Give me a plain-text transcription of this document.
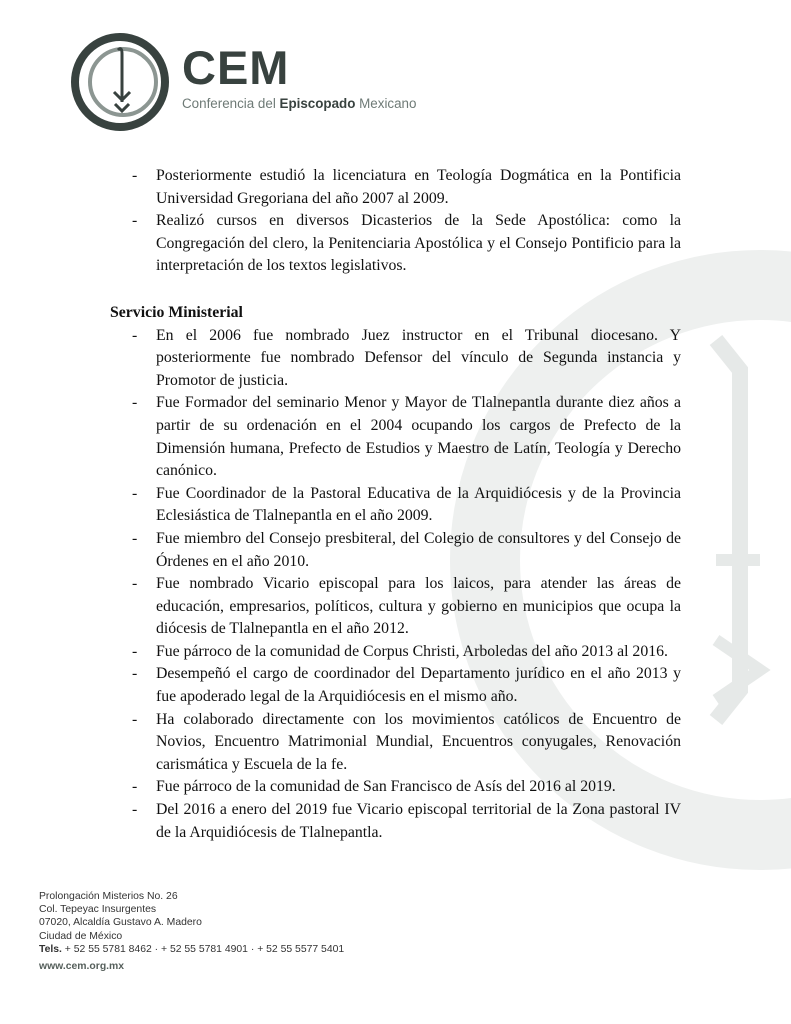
CEM
Conferencia del Episcopado Mexicano
- Posteriormente estudió la licenciatura en Teología Dogmática en la Pontificia Universidad Gregoriana del año 2007 al 2009.
- Realizó cursos en diversos Dicasterios de la Sede Apostólica: como la Congregación del clero, la Penitenciaria Apostólica y el Consejo Pontificio para la interpretación de los textos legislativos.
Servicio Ministerial
- En el 2006 fue nombrado Juez instructor en el Tribunal diocesano. Y posteriormente fue nombrado Defensor del vínculo de Segunda instancia y Promotor de justicia.
- Fue Formador del seminario Menor y Mayor de Tlalnepantla durante diez años a partir de su ordenación en el 2004 ocupando los cargos de Prefecto de la Dimensión humana, Prefecto de Estudios y Maestro de Latín, Teología y Derecho canónico.
- Fue Coordinador de la Pastoral Educativa de la Arquidiócesis y de la Provincia Eclesiástica de Tlalnepantla en el año 2009.
- Fue miembro del Consejo presbiteral, del Colegio de consultores y del Consejo de Órdenes en el año 2010.
- Fue nombrado Vicario episcopal para los laicos, para atender las áreas de educación, empresarios, políticos, cultura y gobierno en municipios que ocupa la diócesis de Tlalnepantla en el año 2012.
- Fue párroco de la comunidad de Corpus Christi, Arboledas del año 2013 al 2016.
- Desempeñó el cargo de coordinador del Departamento jurídico en el año 2013 y fue apoderado legal de la Arquidiócesis en el mismo año.
- Ha colaborado directamente con los movimientos católicos de Encuentro de Novios, Encuentro Matrimonial Mundial, Encuentros conyugales, Renovación carismática y Escuela de la fe.
- Fue párroco de la comunidad de San Francisco de Asís del 2016 al 2019.
- Del 2016 a enero del 2019 fue Vicario episcopal territorial de la Zona pastoral IV de la Arquidiócesis de Tlalnepantla.
Prolongación Misterios No. 26
Col. Tepeyac Insurgentes
07020, Alcaldía Gustavo A. Madero
Ciudad de México
Tels. + 52 55 5781 8462 · + 52 55 5781 4901 · + 52 55 5577 5401
www.cem.org.mx
